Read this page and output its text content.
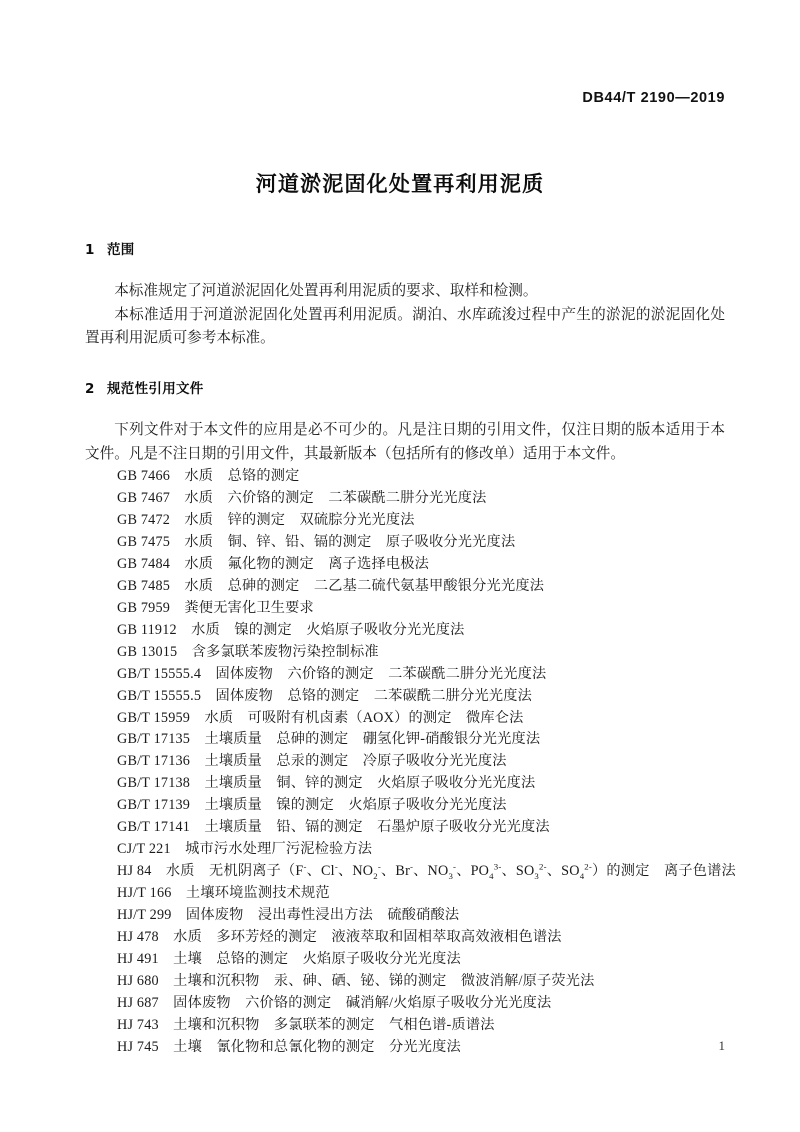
DB44/T 2190—2019
河道淤泥固化处置再利用泥质

1 范围

本标准规定了河道淤泥固化处置再利用泥质的要求、取样和检测。

本标准适用于河道淤泥固化处置再利用泥质。湖泊、水库疏浚过程中产生的淤泥的淤泥固化处置再利用泥质可参考本标准。

2 规范性引用文件

下列文件对于本文件的应用是必不可少的。凡是注日期的引用文件，仅注日期的版本适用于本文件。凡是不注日期的引用文件，其最新版本（包括所有的修改单）适用于本文件。

GB 7466 水质 总铬的测定
GB 7467 水质 六价铬的测定 二苯碳酰二肼分光光度法
GB 7472 水质 锌的测定 双硫腙分光光度法
GB 7475 水质 铜、锌、铅、镉的测定 原子吸收分光光度法
GB 7484 水质 氟化物的测定 离子选择电极法
GB 7485 水质 总砷的测定 二乙基二硫代氨基甲酸银分光光度法
GB 7959 粪便无害化卫生要求
GB 11912 水质 镍的测定 火焰原子吸收分光光度法
GB 13015 含多氯联苯废物污染控制标准
GB/T 15555.4 固体废物 六价铬的测定 二苯碳酰二肼分光光度法
GB/T 15555.5 固体废物 总铬的测定 二苯碳酰二肼分光光度法
GB/T 15959 水质 可吸附有机卤素（AOX）的测定 微库仑法
GB/T 17135 土壤质量 总砷的测定 硼氢化钾-硝酸银分光光度法
GB/T 17136 土壤质量 总汞的测定 冷原子吸收分光光度法
GB/T 17138 土壤质量 铜、锌的测定 火焰原子吸收分光光度法
GB/T 17139 土壤质量 镍的测定 火焰原子吸收分光光度法
GB/T 17141 土壤质量 铅、镉的测定 石墨炉原子吸收分光光度法
CJ/T 221 城市污水处理厂污泥检验方法
HJ 84 水质 无机阴离子（F-、Cl-、$NO_2^-$、Br-、$NO_3^-$、$PO_4^{3-}$、$SO_3^{2-}$、$SO_4^{2-}$）的测定 离子色谱法
HJ/T 166 土壤环境监测技术规范
HJ/T 299 固体废物 浸出毒性浸出方法 硫酸硝酸法
HJ 478 水质 多环芳烃的测定 液液萃取和固相萃取高效液相色谱法
HJ 491 土壤 总铬的测定 火焰原子吸收分光光度法
HJ 680 土壤和沉积物 汞、砷、硒、铋、锑的测定 微波消解/原子荧光法
HJ 687 固体废物 六价铬的测定 碱消解/火焰原子吸收分光光度法
HJ 743 土壤和沉积物 多氯联苯的测定 气相色谱-质谱法
HJ 745 土壤 氰化物和总氰化物的测定 分光光度法	1
